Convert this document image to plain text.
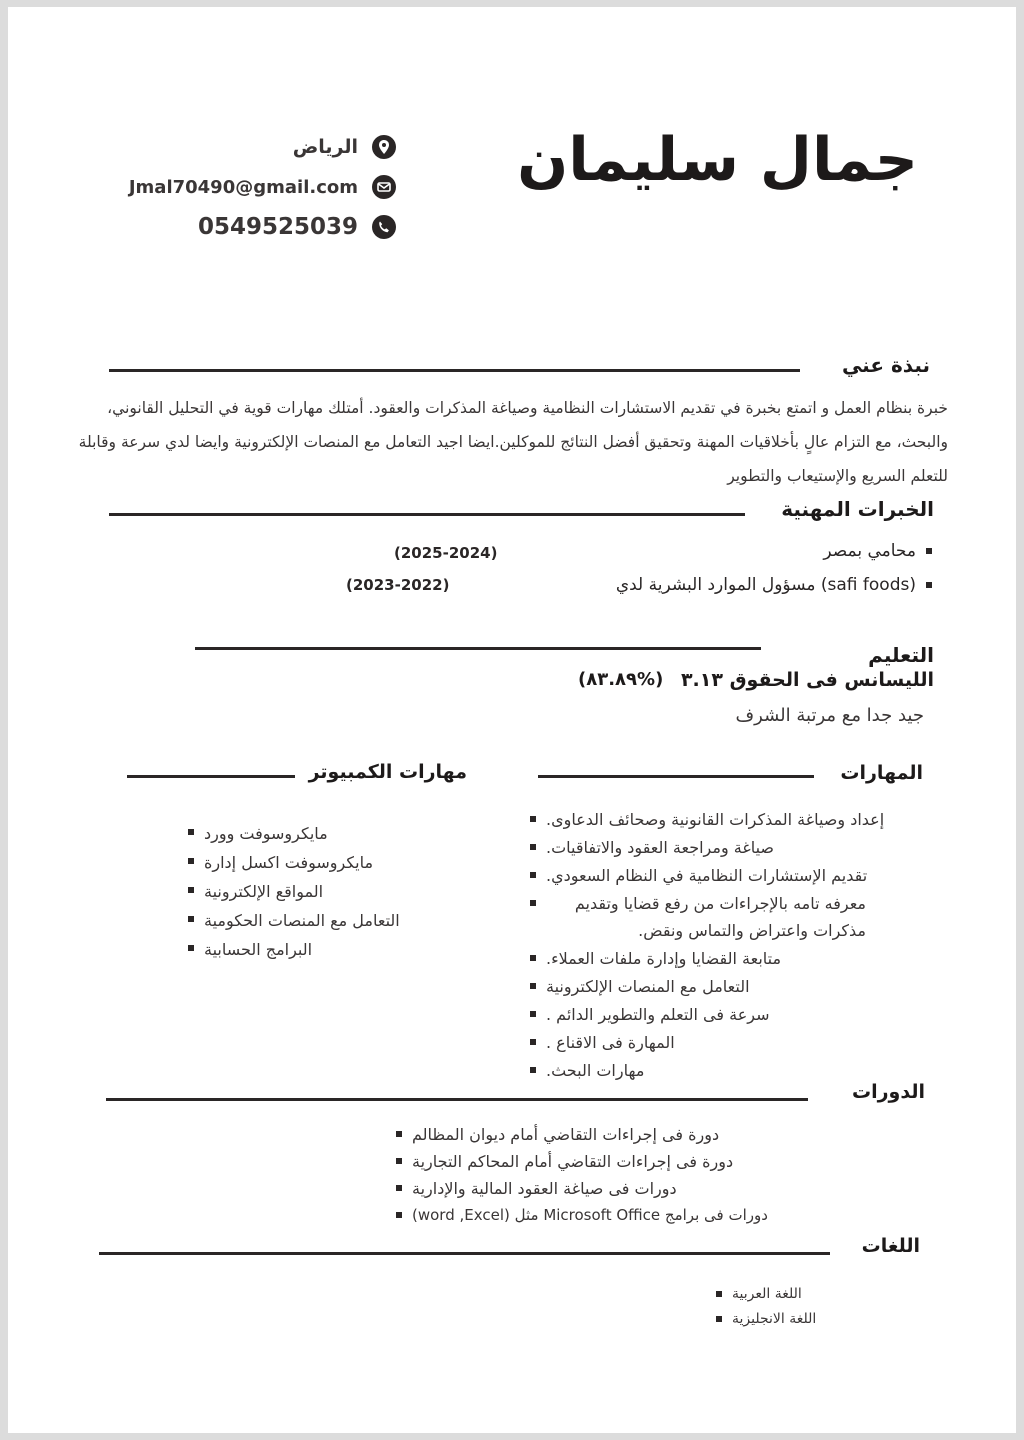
جمال سليمان
الرياض
Jmal70490@gmail.com
0549525039
نبذة عني
خبرة بنظام العمل و اتمتع بخبرة في تقديم الاستشارات النظامية وصياغة المذكرات والعقود. أمتلك مهارات قوية في التحليل القانوني، والبحث، مع التزام عالٍ بأخلاقيات المهنة وتحقيق أفضل النتائج للموكلين.ايضا اجيد التعامل مع المنصات الإلكترونية وايضا لدي سرعة وقابلة للتعلم السريع والإستيعاب والتطوير
الخبرات المهنية
محامي بمصر
(2025-2024)
مسؤول الموارد البشرية لدي (safi foods)
(2023-2022)
التعليم
الليسانس فى الحقوق ٣.١٣
(٨٣.٨٩%)
جيد جدا مع مرتبة الشرف
المهارات
إعداد وصياغة المذكرات القانونية وصحائف الدعاوى.
صياغة ومراجعة العقود والاتفاقيات.
تقديم الإستشارات النظامية في النظام السعودي.
معرفه تامه بالإجراءات من رفع قضايا وتقديم مذكرات واعتراض والتماس ونقض.
متابعة القضايا وإدارة ملفات العملاء.
التعامل مع المنصات الإلكترونية
سرعة فى التعلم والتطوير الدائم .
المهارة فى الاقناع .
مهارات البحث.
مهارات الكمبيوتر
مايكروسوفت وورد
مايكروسوفت اكسل إدارة
المواقع الإلكترونية
التعامل مع المنصات الحكومية
البرامج الحسابية
الدورات
دورة فى إجراءات التقاضي أمام ديوان المظالم
دورة فى إجراءات التقاضي أمام المحاكم التجارية
دورات فى صياغة العقود المالية والإدارية
دورات فى برامج Microsoft Office مثل (word ,Excel)
اللغات
اللغة العربية
اللغة الانجليزية
